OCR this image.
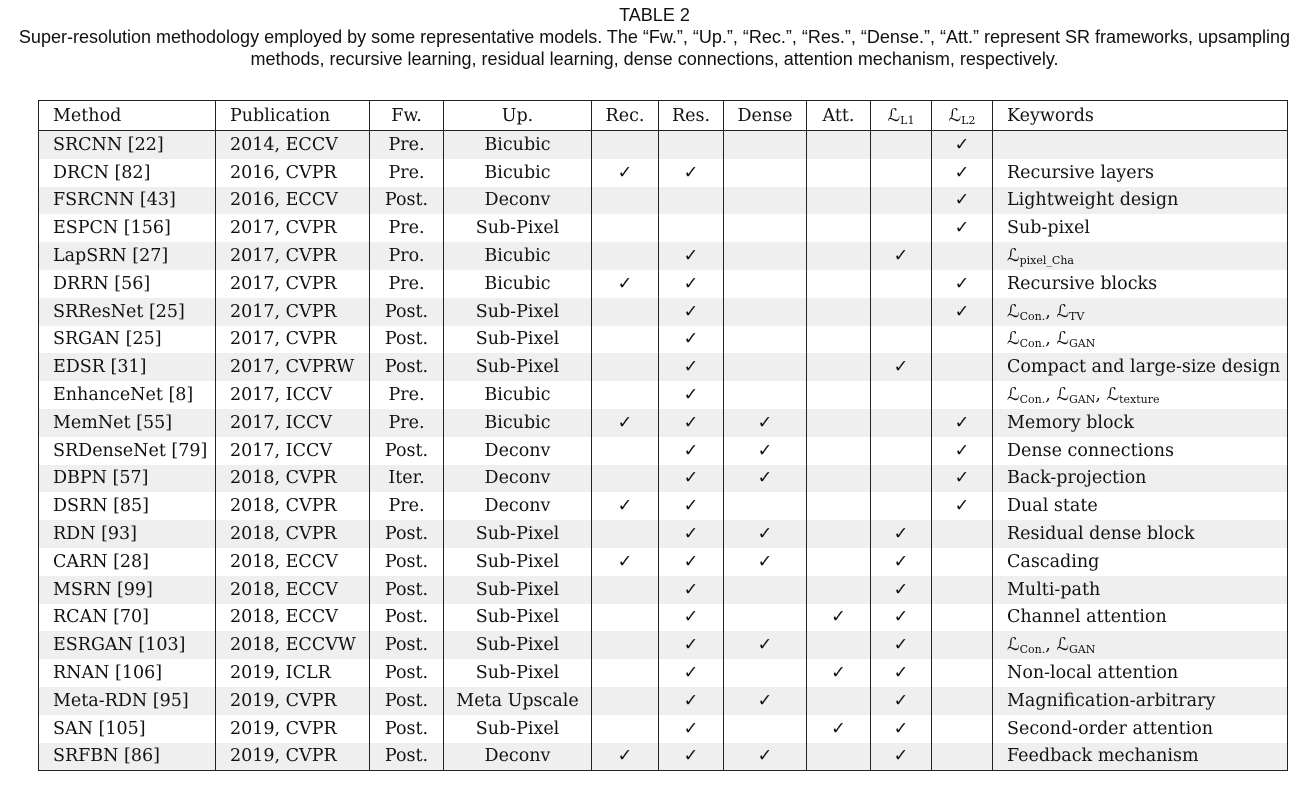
TABLE 2
Super-resolution methodology employed by some representative models. The “Fw.”, “Up.”, “Rec.”, “Res.”, “Dense.”, “Att.” represent SR frameworks, upsampling methods, recursive learning, residual learning, dense connections, attention mechanism, respectively.
Method	Publication	Fw.	Up.	Rec.	Res.	Dense	Att.	ℒ$_{L1}$	ℒ$_{L2}$	Keywords
SRCNN [22]	2014, ECCV	Pre.	Bicubic						✓	
DRCN [82]	2016, CVPR	Pre.	Bicubic	✓	✓				✓	Recursive layers
FSRCNN [43]	2016, ECCV	Post.	Deconv						✓	Lightweight design
ESPCN [156]	2017, CVPR	Pre.	Sub-Pixel						✓	Sub-pixel
LapSRN [27]	2017, CVPR	Pro.	Bicubic		✓			✓		ℒ$_{pixel\_Cha}$
DRRN [56]	2017, CVPR	Pre.	Bicubic	✓	✓				✓	Recursive blocks
SRResNet [25]	2017, CVPR	Post.	Sub-Pixel		✓				✓	ℒ$_{Con.}$, ℒ$_{TV}$
SRGAN [25]	2017, CVPR	Post.	Sub-Pixel		✓					ℒ$_{Con.}$, ℒ$_{GAN}$
EDSR [31]	2017, CVPRW	Post.	Sub-Pixel		✓			✓		Compact and large-size design
EnhanceNet [8]	2017, ICCV	Pre.	Bicubic		✓					ℒ$_{Con.}$, ℒ$_{GAN}$, ℒ$_{texture}$
MemNet [55]	2017, ICCV	Pre.	Bicubic	✓	✓	✓			✓	Memory block
SRDenseNet [79]	2017, ICCV	Post.	Deconv		✓	✓			✓	Dense connections
DBPN [57]	2018, CVPR	Iter.	Deconv		✓	✓			✓	Back-projection
DSRN [85]	2018, CVPR	Pre.	Deconv	✓	✓				✓	Dual state
RDN [93]	2018, CVPR	Post.	Sub-Pixel		✓	✓		✓		Residual dense block
CARN [28]	2018, ECCV	Post.	Sub-Pixel	✓	✓	✓		✓		Cascading
MSRN [99]	2018, ECCV	Post.	Sub-Pixel		✓			✓		Multi-path
RCAN [70]	2018, ECCV	Post.	Sub-Pixel		✓		✓	✓		Channel attention
ESRGAN [103]	2018, ECCVW	Post.	Sub-Pixel		✓	✓		✓		ℒ$_{Con.}$, ℒ$_{GAN}$
RNAN [106]	2019, ICLR	Post.	Sub-Pixel		✓		✓	✓		Non-local attention
Meta-RDN [95]	2019, CVPR	Post.	Meta Upscale		✓	✓		✓		Magnification-arbitrary
SAN [105]	2019, CVPR	Post.	Sub-Pixel		✓		✓	✓		Second-order attention
SRFBN [86]	2019, CVPR	Post.	Deconv	✓	✓	✓		✓		Feedback mechanism
